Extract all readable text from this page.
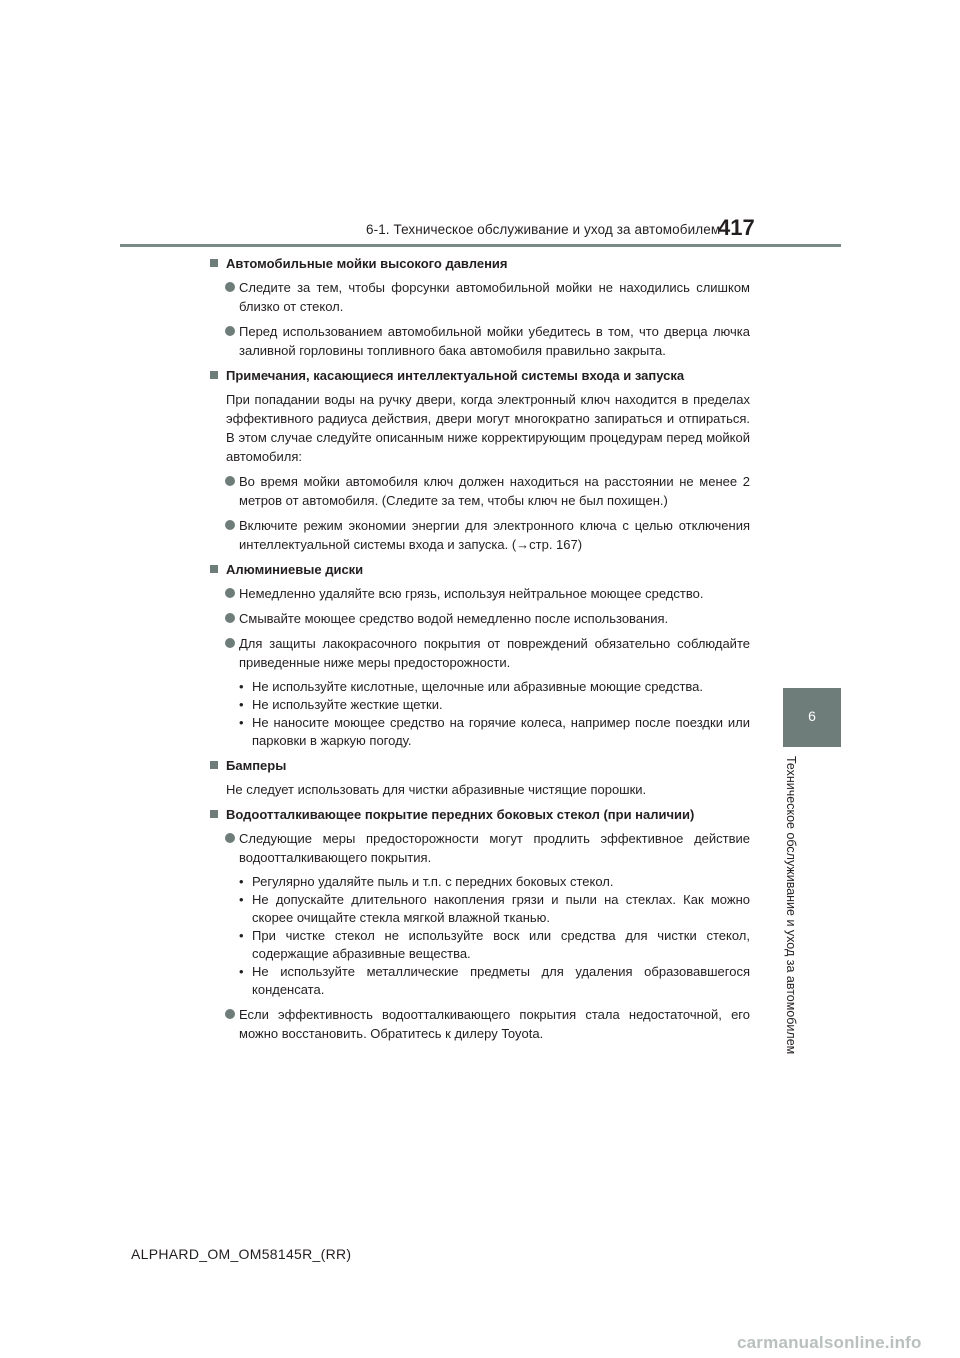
6-1. Техническое обслуживание и уход за автомобилем
417
6
Техническое обслуживание и уход за автомобилем
Автомобильные мойки высокого давления
Следите за тем, чтобы форсунки автомобильной мойки не находились слишком близко от стекол.
Перед использованием автомобильной мойки убедитесь в том, что дверца лючка заливной горловины топливного бака автомобиля правильно закрыта.
Примечания, касающиеся интеллектуальной системы входа и запуска
При попадании воды на ручку двери, когда электронный ключ находится в пределах эффективного радиуса действия, двери могут многократно запираться и отпираться. В этом случае следуйте описанным ниже корректирующим процедурам перед мойкой автомобиля:
Во время мойки автомобиля ключ должен находиться на расстоянии не менее 2 метров от автомобиля. (Следите за тем, чтобы ключ не был похищен.)
Включите режим экономии энергии для электронного ключа с целью отключения интеллектуальной системы входа и запуска. (→стр. 167)
Алюминиевые диски
Немедленно удаляйте всю грязь, используя нейтральное моющее средство.
Смывайте моющее средство водой немедленно после использования.
Для защиты лакокрасочного покрытия от повреждений обязательно соблюдайте приведенные ниже меры предосторожности.
• Не используйте кислотные, щелочные или абразивные моющие средства.
• Не используйте жесткие щетки.
• Не наносите моющее средство на горячие колеса, например после поездки или парковки в жаркую погоду.
Бамперы
Не следует использовать для чистки абразивные чистящие порошки.
Водоотталкивающее покрытие передних боковых стекол (при наличии)
Следующие меры предосторожности могут продлить эффективное действие водоотталкивающего покрытия.
• Регулярно удаляйте пыль и т.п. с передних боковых стекол.
• Не допускайте длительного накопления грязи и пыли на стеклах. Как можно скорее очищайте стекла мягкой влажной тканью.
• При чистке стекол не используйте воск или средства для чистки стекол, содержащие абразивные вещества.
• Не используйте металлические предметы для удаления образовавшегося конденсата.
Если эффективность водоотталкивающего покрытия стала недостаточной, его можно восстановить. Обратитесь к дилеру Toyota.
ALPHARD_OM_OM58145R_(RR)
carmanualsonline.info
